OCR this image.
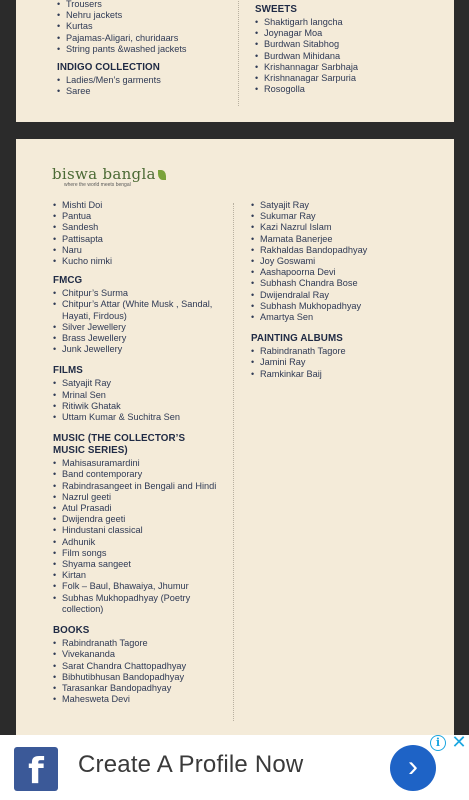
• Trousers
• Nehru jackets
• Kurtas
• Pajamas-Aligari, churidaars
• String pants &washed jackets
INDIGO COLLECTION
• Ladies/Men’s garments
• Saree
SWEETS
• Shaktigarh langcha
• Joynagar Moa
• Burdwan Sitabhog
• Burdwan Mihidana
• Krishannagar Sarbhaja
• Krishnanagar Sarpuria
• Rosogolla
biswa bangla
where the world meets bengal
• Mishti Doi
• Pantua
• Sandesh
• Pattisapta
• Naru
• Kucho nimki
FMCG
• Chitpur’s Surma
• Chitpur’s Attar (White Musk , Sandal, Hayati, Firdous)
• Silver Jewellery
• Brass Jewellery
• Junk Jewellery
FILMS
• Satyajit Ray
• Mrinal Sen
• Ritiwik Ghatak
• Uttam Kumar & Suchitra Sen
MUSIC (THE COLLECTOR’S MUSIC SERIES)
• Mahisasuramardini
• Band contemporary
• Rabindrasangeet in Bengali and Hindi
• Nazrul geeti
• Atul Prasadi
• Dwijendra geeti
• Hindustani classical
• Adhunik
• Film songs
• Shyama sangeet
• Kirtan
• Folk – Baul, Bhawaiya, Jhumur
• Subhas Mukhopadhyay (Poetry collection)
BOOKS
• Rabindranath Tagore
• Vivekananda
• Sarat Chandra Chattopadhyay
• Bibhutibhusan Bandopadhyay
• Tarasankar Bandopadhyay
• Mahesweta Devi
• Satyajit Ray
• Sukumar Ray
• Kazi Nazrul Islam
• Mamata Banerjee
• Rakhaldas Bandopadhyay
• Joy Goswami
• Aashapoorna Devi
• Subhash Chandra Bose
• Dwijendralal Ray
• Subhash Mukhopadhyay
• Amartya Sen
PAINTING ALBUMS
• Rabindranath Tagore
• Jamini Ray
• Ramkinkar Baij
f	Create A Profile Now	›
i ✕
